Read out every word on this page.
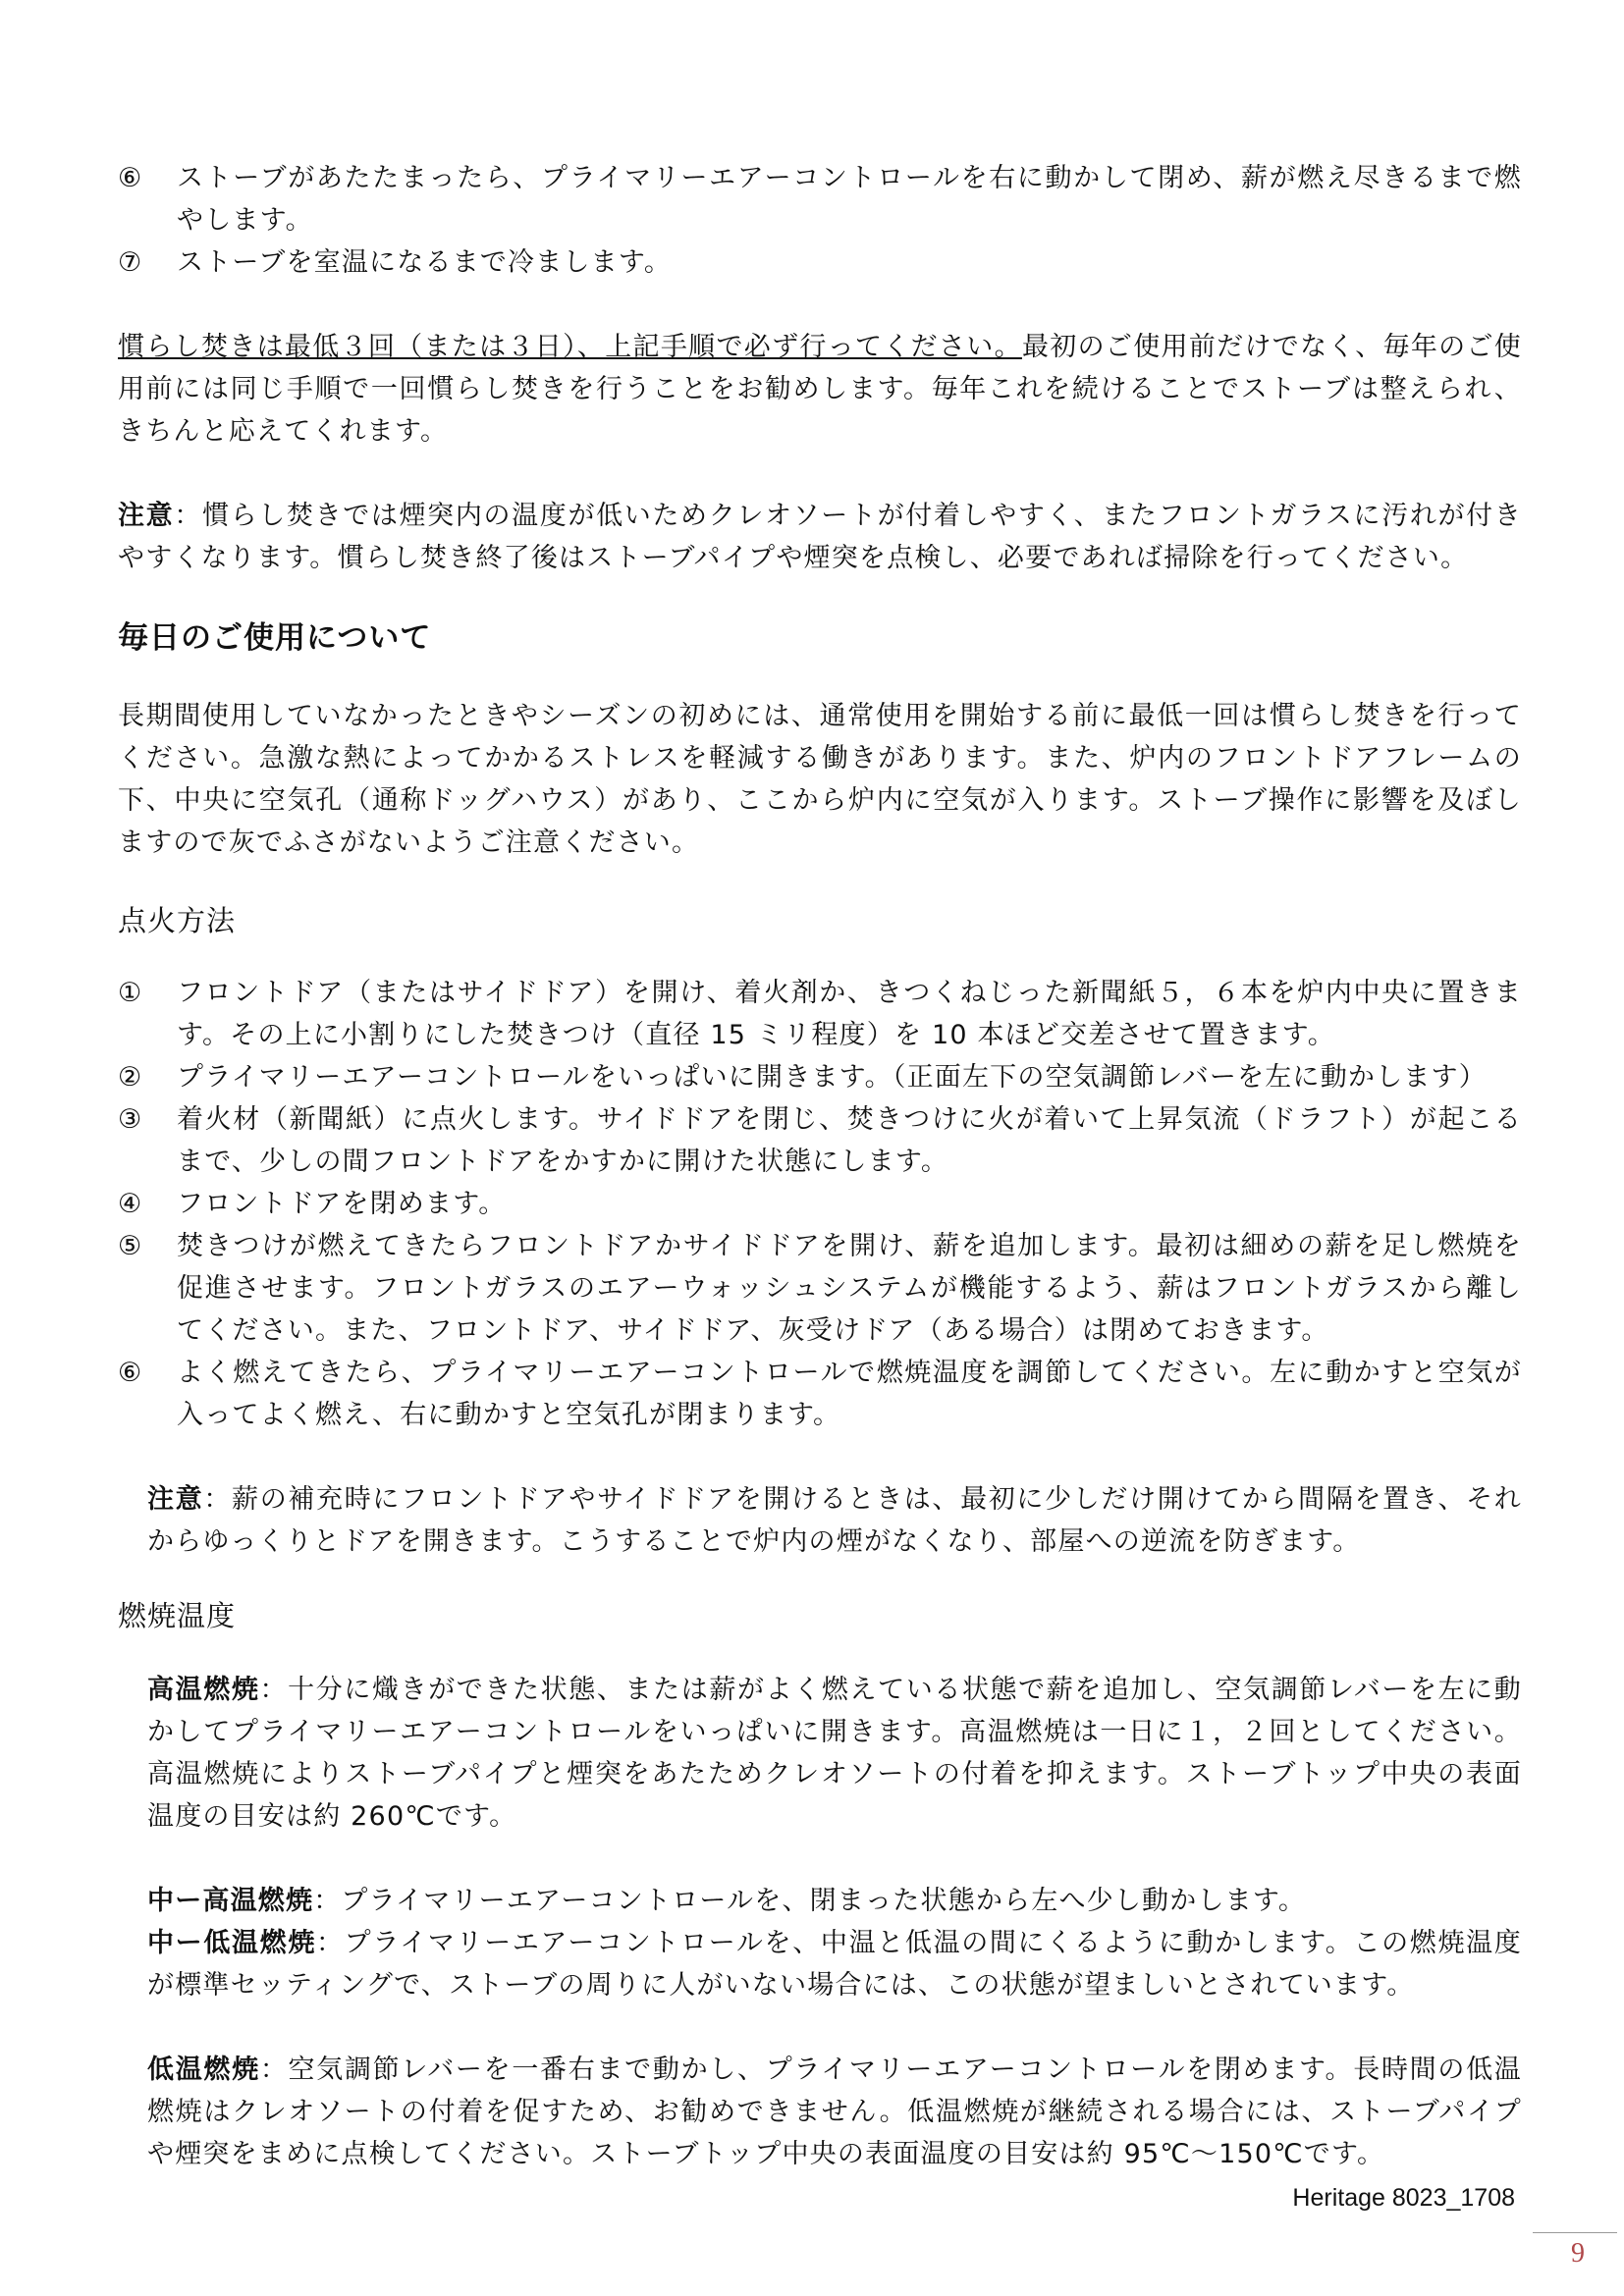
⑥	ストーブがあたたまったら、プライマリーエアーコントロールを右に動かして閉め、薪が燃え尽きるまで燃やします。
⑦	ストーブを室温になるまで冷まします。

慣らし焚きは最低３回（または３日）、上記手順で必ず行ってください。最初のご使用前だけでなく、毎年のご使用前には同じ手順で一回慣らし焚きを行うことをお勧めします。毎年これを続けることでストーブは整えられ、きちんと応えてくれます。

注意：慣らし焚きでは煙突内の温度が低いためクレオソートが付着しやすく、またフロントガラスに汚れが付きやすくなります。慣らし焚き終了後はストーブパイプや煙突を点検し、必要であれば掃除を行ってください。

毎日のご使用について

長期間使用していなかったときやシーズンの初めには、通常使用を開始する前に最低一回は慣らし焚きを行ってください。急激な熱によってかかるストレスを軽減する働きがあります。また、炉内のフロントドアフレームの下、中央に空気孔（通称ドッグハウス）があり、ここから炉内に空気が入ります。ストーブ操作に影響を及ぼしますので灰でふさがないようご注意ください。

点火方法
①	フロントドア（またはサイドドア）を開け、着火剤か、きつくねじった新聞紙５，６本を炉内中央に置きます。その上に小割りにした焚きつけ（直径 15 ミリ程度）を 10 本ほど交差させて置きます。
②	プライマリーエアーコントロールをいっぱいに開きます。（正面左下の空気調節レバーを左に動かします）
③	着火材（新聞紙）に点火します。サイドドアを閉じ、焚きつけに火が着いて上昇気流（ドラフト）が起こるまで、少しの間フロントドアをかすかに開けた状態にします。
④	フロントドアを閉めます。
⑤	焚きつけが燃えてきたらフロントドアかサイドドアを開け、薪を追加します。最初は細めの薪を足し燃焼を促進させます。フロントガラスのエアーウォッシュシステムが機能するよう、薪はフロントガラスから離してください。また、フロントドア、サイドドア、灰受けドア（ある場合）は閉めておきます。
⑥	よく燃えてきたら、プライマリーエアーコントロールで燃焼温度を調節してください。左に動かすと空気が入ってよく燃え、右に動かすと空気孔が閉まります。

注意：薪の補充時にフロントドアやサイドドアを開けるときは、最初に少しだけ開けてから間隔を置き、それからゆっくりとドアを開きます。こうすることで炉内の煙がなくなり、部屋への逆流を防ぎます。

燃焼温度

高温燃焼：十分に熾きができた状態、または薪がよく燃えている状態で薪を追加し、空気調節レバーを左に動かしてプライマリーエアーコントロールをいっぱいに開きます。高温燃焼は一日に１，２回としてください。高温燃焼によりストーブパイプと煙突をあたためクレオソートの付着を抑えます。ストーブトップ中央の表面温度の目安は約 260℃です。

中ー高温燃焼：プライマリーエアーコントロールを、閉まった状態から左へ少し動かします。

中ー低温燃焼：プライマリーエアーコントロールを、中温と低温の間にくるように動かします。この燃焼温度が標準セッティングで、ストーブの周りに人がいない場合には、この状態が望ましいとされています。

低温燃焼：空気調節レバーを一番右まで動かし、プライマリーエアーコントロールを閉めます。長時間の低温燃焼はクレオソートの付着を促すため、お勧めできません。低温燃焼が継続される場合には、ストーブパイプや煙突をまめに点検してください。ストーブトップ中央の表面温度の目安は約 95℃～150℃です。

Heritage 8023_1708
9
